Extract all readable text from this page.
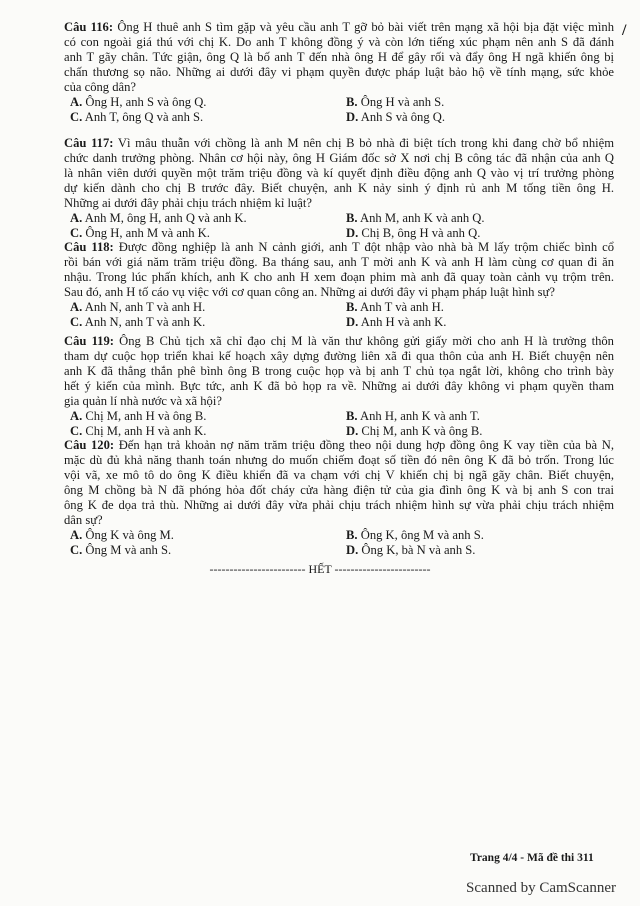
Câu 116: Ông H thuê anh S tìm gặp và yêu cầu anh T gỡ bỏ bài viết trên mạng xã hội bịa đặt việc mình
có con ngoài giá thú với chị K. Do anh T không đồng ý và còn lớn tiếng xúc phạm nên anh S đã đánh
anh T gãy chân. Tức giận, ông Q là bố anh T đến nhà ông H để gây rối và đẩy ông H ngã khiến ông bị
chấn thương sọ não. Những ai dưới đây vi phạm quyền được pháp luật bảo hộ về tính mạng, sức khỏe
của công dân?
A. Ông H, anh S và ông Q.	B. Ông H và anh S.
C. Anh T, ông Q và anh S.	D. Anh S và ông Q.
Câu 117: Vì mâu thuẫn với chồng là anh M nên chị B bỏ nhà đi biệt tích trong khi đang chờ bổ nhiệm
chức danh trưởng phòng. Nhân cơ hội này, ông H Giám đốc sở X nơi chị B công tác đã nhận của anh Q
là nhân viên dưới quyền một trăm triệu đồng và kí quyết định điều động anh Q vào vị trí trưởng phòng
dự kiến dành cho chị B trước đây. Biết chuyện, anh K nảy sinh ý định rủ anh M tống tiền ông H.
Những ai dưới đây phải chịu trách nhiệm kỉ luật?
A. Anh M, ông H, anh Q và anh K.	B. Anh M, anh K và anh Q.
C. Ông H, anh M và anh K.	D. Chị B, ông H và anh Q.
Câu 118: Được đồng nghiệp là anh N cảnh giới, anh T đột nhập vào nhà bà M lấy trộm chiếc bình cổ
rồi bán với giá năm trăm triệu đồng. Ba tháng sau, anh T mời anh K và anh H làm cùng cơ quan đi ăn
nhậu. Trong lúc phấn khích, anh K cho anh H xem đoạn phim mà anh đã quay toàn cảnh vụ trộm trên.
Sau đó, anh H tố cáo vụ việc với cơ quan công an. Những ai dưới đây vi phạm pháp luật hình sự?
A. Anh N, anh T và anh H.	B. Anh T và anh H.
C. Anh N, anh T và anh K.	D. Anh H và anh K.
Câu 119: Ông B Chủ tịch xã chỉ đạo chị M là văn thư không gửi giấy mời cho anh H là trưởng thôn
tham dự cuộc họp triển khai kế hoạch xây dựng đường liên xã đi qua thôn của anh H. Biết chuyện nên
anh K đã thẳng thắn phê bình ông B trong cuộc họp và bị anh T chủ tọa ngắt lời, không cho trình bày
hết ý kiến của mình. Bực tức, anh K đã bỏ họp ra về. Những ai dưới đây không vi phạm quyền tham
gia quản lí nhà nước và xã hội?
A. Chị M, anh H và ông B.	B. Anh H, anh K và anh T.
C. Chị M, anh H và anh K.	D. Chị M, anh K và ông B.
Câu 120: Đến hạn trả khoản nợ năm trăm triệu đồng theo nội dung hợp đồng ông K vay tiền của bà N,
mặc dù đủ khả năng thanh toán nhưng do muốn chiếm đoạt số tiền đó nên ông K đã bỏ trốn. Trong lúc
vội vã, xe mô tô do ông K điều khiển đã va chạm với chị V khiến chị bị ngã gãy chân. Biết chuyện,
ông M chồng bà N đã phóng hỏa đốt cháy cửa hàng điện tử của gia đình ông K và bị anh S con trai
ông K đe dọa trả thù. Những ai dưới đây vừa phải chịu trách nhiệm hình sự vừa phải chịu trách nhiệm
dân sự?
A. Ông K và ông M.	B. Ông K, ông M và anh S.
C. Ông M và anh S.	D. Ông K, bà N và anh S.
------------------------ HẾT ------------------------
Trang 4/4 - Mã đề thi 311
Scanned by CamScanner
/
